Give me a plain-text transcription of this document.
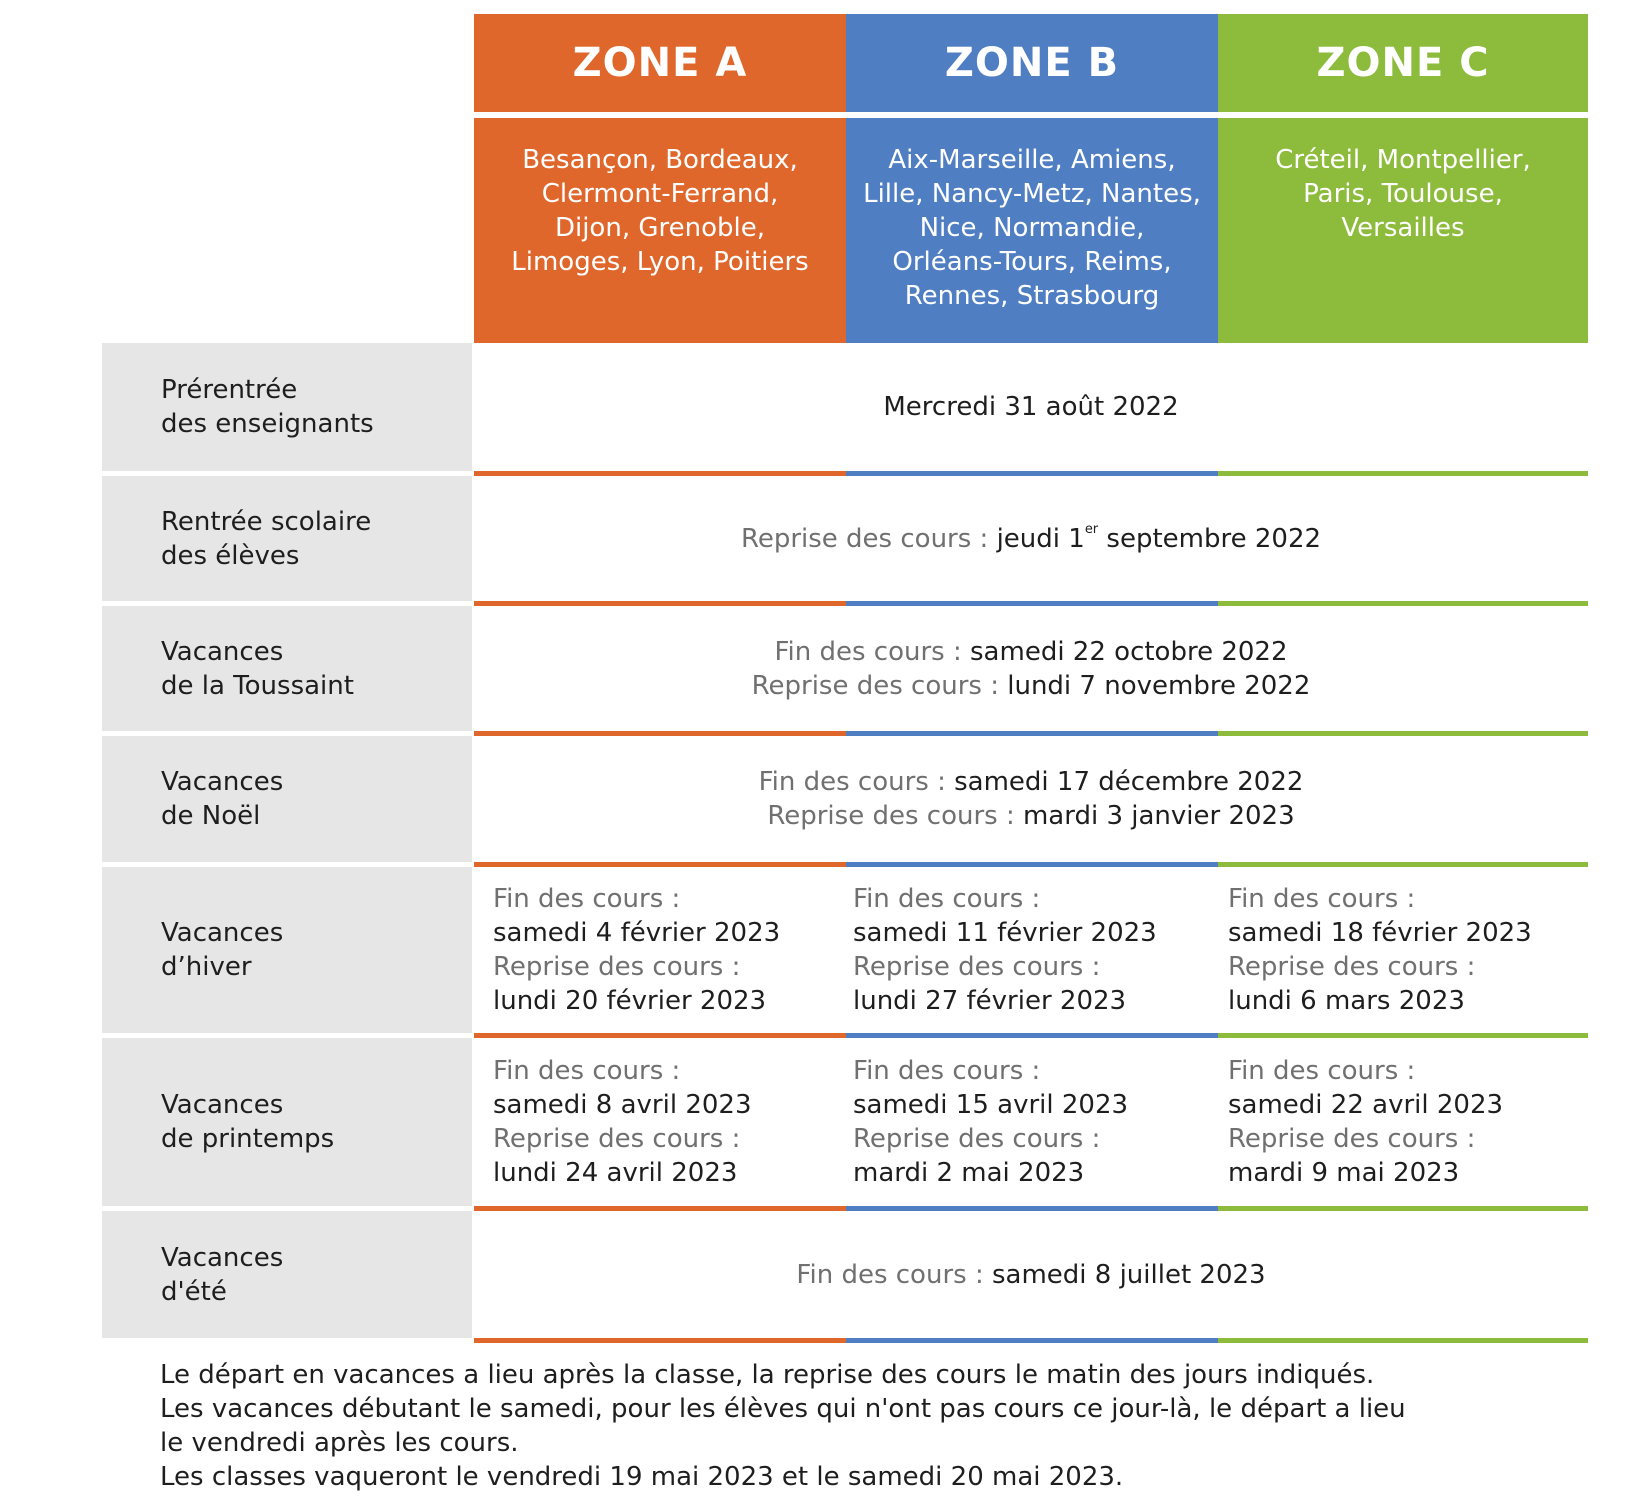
ZONE A	ZONE B	ZONE C
Besançon, Bordeaux,
Clermont-Ferrand,
Dijon, Grenoble,
Limoges, Lyon, Poitiers
Aix-Marseille, Amiens,
Lille, Nancy-Metz, Nantes,
Nice, Normandie,
Orléans-Tours, Reims,
Rennes, Strasbourg
Créteil, Montpellier,
Paris, Toulouse,
Versailles
Prérentrée
des enseignants
Mercredi 31 août 2022
Rentrée scolaire
des élèves
Reprise des cours : jeudi 1er septembre 2022
Vacances
de la Toussaint
Fin des cours : samedi 22 octobre 2022
Reprise des cours : lundi 7 novembre 2022
Vacances
de Noël
Fin des cours : samedi 17 décembre 2022
Reprise des cours : mardi 3 janvier 2023
Vacances
d’hiver
Fin des cours :
samedi 4 février 2023
Reprise des cours :
lundi 20 février 2023
Fin des cours :
samedi 11 février 2023
Reprise des cours :
lundi 27 février 2023
Fin des cours :
samedi 18 février 2023
Reprise des cours :
lundi 6 mars 2023
Vacances
de printemps
Fin des cours :
samedi 8 avril 2023
Reprise des cours :
lundi 24 avril 2023
Fin des cours :
samedi 15 avril 2023
Reprise des cours :
mardi 2 mai 2023
Fin des cours :
samedi 22 avril 2023
Reprise des cours :
mardi 9 mai 2023
Vacances
d'été
Fin des cours : samedi 8 juillet 2023
Le départ en vacances a lieu après la classe, la reprise des cours le matin des jours indiqués.
Les vacances débutant le samedi, pour les élèves qui n'ont pas cours ce jour-là, le départ a lieu
le vendredi après les cours.
Les classes vaqueront le vendredi 19 mai 2023 et le samedi 20 mai 2023.
